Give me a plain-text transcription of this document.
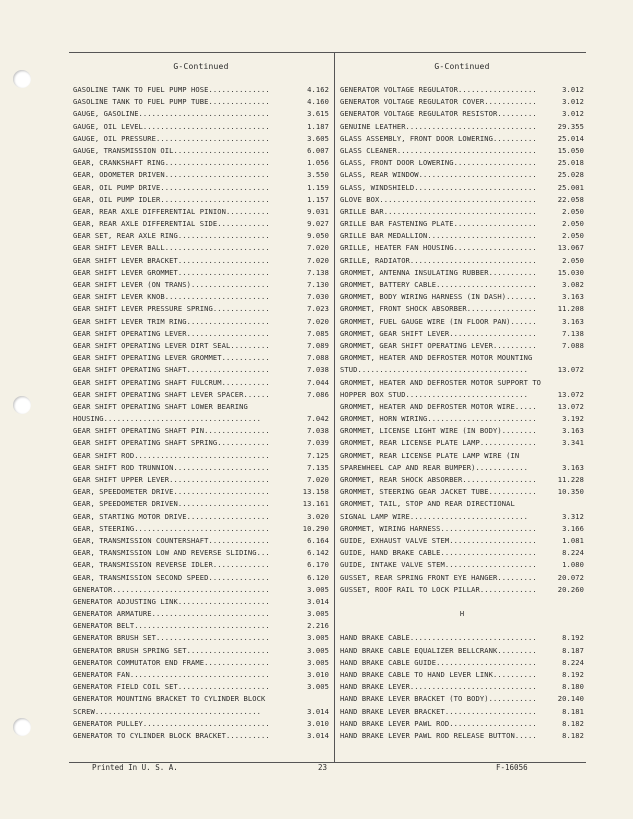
G-Continued	G-Continued
GASOLINE TANK TO FUEL PUMP HOSE..............	4.162
GASOLINE TANK TO FUEL PUMP TUBE..............	4.160
GAUGE, GASOLINE..............................	3.615
GAUGE, OIL LEVEL.............................	1.187
GAUGE, OIL PRESSURE..........................	3.605
GAUGE, TRANSMISSION OIL......................	6.007
GEAR, CRANKSHAFT RING........................	1.056
GEAR, ODOMETER DRIVEN........................	3.550
GEAR, OIL PUMP DRIVE.........................	1.159
GEAR, OIL PUMP IDLER.........................	1.157
GEAR, REAR AXLE DIFFERENTIAL PINION..........	9.031
GEAR, REAR AXLE DIFFERENTIAL SIDE............	9.027
GEAR SET, REAR AXLE RING.....................	9.050
GEAR SHIFT LEVER BALL........................	7.020
GEAR SHIFT LEVER BRACKET.....................	7.020
GEAR SHIFT LEVER GROMMET.....................	7.138
GEAR SHIFT LEVER (ON TRANS)..................	7.130
GEAR SHIFT LEVER KNOB........................	7.030
GEAR SHIFT LEVER PRESSURE SPRING.............	7.023
GEAR SHIFT LEVER TRIM RING...................	7.020
GEAR SHIFT OPERATING LEVER...................	7.085
GEAR SHIFT OPERATING LEVER DIRT SEAL.........	7.089
GEAR SHIFT OPERATING LEVER GROMMET...........	7.088
GEAR SHIFT OPERATING SHAFT...................	7.038
GEAR SHIFT OPERATING SHAFT FULCRUM...........	7.044
GEAR SHIFT OPERATING SHAFT LEVER SPACER......	7.086
GEAR SHIFT OPERATING SHAFT LOWER BEARING
HOUSING....................................	7.042
GEAR SHIFT OPERATING SHAFT PIN...............	7.038
GEAR SHIFT OPERATING SHAFT SPRING............	7.039
GEAR SHIFT ROD...............................	7.125
GEAR SHIFT ROD TRUNNION......................	7.135
GEAR SHIFT UPPER LEVER.......................	7.020
GEAR, SPEEDOMETER DRIVE......................	13.158
GEAR, SPEEDOMETER DRIVEN.....................	13.161
GEAR, STARTING MOTOR DRIVE...................	3.020
GEAR, STEERING...............................	10.290
GEAR, TRANSMISSION COUNTERSHAFT..............	6.164
GEAR, TRANSMISSION LOW AND REVERSE SLIDING...	6.142
GEAR, TRANSMISSION REVERSE IDLER.............	6.170
GEAR, TRANSMISSION SECOND SPEED..............	6.120
GENERATOR....................................	3.005
GENERATOR ADJUSTING LINK.....................	3.014
GENERATOR ARMATURE...........................	3.005
GENERATOR BELT...............................	2.216
GENERATOR BRUSH SET..........................	3.005
GENERATOR BRUSH SPRING SET...................	3.005
GENERATOR COMMUTATOR END FRAME...............	3.005
GENERATOR FAN................................	3.010
GENERATOR FIELD COIL SET.....................	3.005
GENERATOR MOUNTING BRACKET TO CYLINDER BLOCK
SCREW......................................	3.014
GENERATOR PULLEY.............................	3.010
GENERATOR TO CYLINDER BLOCK BRACKET..........	3.014
GENERATOR VOLTAGE REGULATOR..................	3.012
GENERATOR VOLTAGE REGULATOR COVER............	3.012
GENERATOR VOLTAGE REGULATOR RESISTOR.........	3.012
GENUINE LEATHER..............................	29.355
GLASS ASSEMBLY, FRONT DOOR LOWERING..........	25.014
GLASS CLEANER................................	15.050
GLASS, FRONT DOOR LOWERING...................	25.018
GLASS, REAR WINDOW...........................	25.028
GLASS, WINDSHIELD............................	25.001
GLOVE BOX....................................	22.058
GRILLE BAR...................................	2.050
GRILLE BAR FASTENING PLATE...................	2.050
GRILLE BAR MEDALLION.........................	2.050
GRILLE, HEATER FAN HOUSING...................	13.067
GRILLE, RADIATOR.............................	2.050
GROMMET, ANTENNA INSULATING RUBBER...........	15.030
GROMMET, BATTERY CABLE.......................	3.082
GROMMET, BODY WIRING HARNESS (IN DASH).......	3.163
GROMMET, FRONT SHOCK ABSORBER................	11.208
GROMMET, FUEL GAUGE WIRE (IN FLOOR PAN)......	3.163
GROMMET, GEAR SHIFT LEVER....................	7.138
GROMMET, GEAR SHIFT OPERATING LEVER..........	7.088
GROMMET, HEATER AND DEFROSTER MOTOR MOUNTING
STUD.......................................	13.072
GROMMET, HEATER AND DEFROSTER MOTOR SUPPORT TO
HOPPER BOX STUD............................	13.072
GROMMET, HEATER AND DEFROSTER MOTOR WIRE.....	13.072
GROMMET, HORN WIRING.........................	3.192
GROMMET, LICENSE LIGHT WIRE (IN BODY)........	3.163
GROMMET, REAR LICENSE PLATE LAMP.............	3.341
GROMMET, REAR LICENSE PLATE LAMP WIRE (IN
SPAREWHEEL CAP AND REAR BUMPER)............	3.163
GROMMET, REAR SHOCK ABSORBER.................	11.228
GROMMET, STEERING GEAR JACKET TUBE...........	10.350
GROMMET, TAIL, STOP AND REAR DIRECTIONAL
SIGNAL LAMP WIRE...........................	3.312
GROMMET, WIRING HARNESS......................	3.166
GUIDE, EXHAUST VALVE STEM....................	1.081
GUIDE, HAND BRAKE CABLE......................	8.224
GUIDE, INTAKE VALVE STEM.....................	1.080
GUSSET, REAR SPRING FRONT EYE HANGER.........	20.072
GUSSET, ROOF RAIL TO LOCK PILLAR.............	20.260
H
HAND BRAKE CABLE.............................	8.192
HAND BRAKE CABLE EQUALIZER BELLCRANK.........	8.187
HAND BRAKE CABLE GUIDE.......................	8.224
HAND BRAKE CABLE TO HAND LEVER LINK..........	8.192
HAND BRAKE LEVER.............................	8.180
HAND BRAKE LEVER BRACKET (TO BODY)...........	20.140
HAND BRAKE LEVER BRACKET.....................	8.181
HAND BRAKE LEVER PAWL ROD....................	8.182
HAND BRAKE LEVER PAWL ROD RELEASE BUTTON.....	8.182
Printed In U. S. A.	23	F-16056
